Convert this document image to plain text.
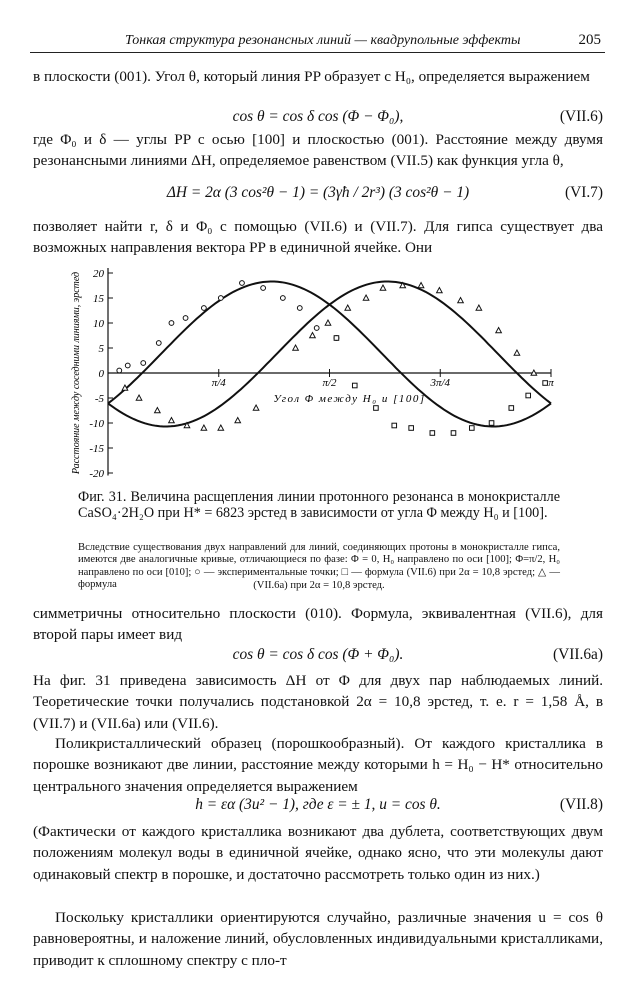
Тонкая структура резонансных линий — квадрупольные эффекты	205

в плоскости (001). Угол θ, который линия PP образует с H₀, определяется выражением

cos θ = cos δ cos (Φ − Φ₀),	(VII.6)

где Φ₀ и δ — углы PP с осью [100] и плоскостью (001). Расстояние между двумя резонансными линиями ΔH, определяемое равенством (VII.5) как функция угла θ,

ΔH = 2α (3 cos²θ − 1) = (3γħ / 2r³) (3 cos²θ − 1)	(VI.7)

позволяет найти r, δ и Φ₀ с помощью (VII.6) и (VII.7). Для гипса существует два возможных направления вектора PP в единичной ячейке. Они

20
15
10
5
0
-5
-10
-15
-20
π/4	π/2	3π/4	π
Расстояние между соседними линиями, эрстед	Угол Φ между H₀ и [100]
Фиг. 31. Величина расщепления линии протонного резонанса в монокристалле CaSO₄·2H₂O при H* = 6823 эрстед в зависимости от угла Φ между H₀ и [100].
Вследствие существования двух направлений для линий, соединяющих протоны в монокристалле гипса, имеются две аналогичные кривые, отличающиеся по фазе: Φ = 0, H₀ направлено по оси [100]; Φ=π/2, H₀ направлено по оси [010]; ○ — экспериментальные точки; □ — формула (VII.6) при 2α = 10,8 эрстед; △ — формула	(VII.6а) при 2α = 10,8 эрстед.

симметричны относительно плоскости (010). Формула, эквивалентная (VII.6), для второй пары имеет вид

cos θ = cos δ cos (Φ + Φ₀).	(VII.6а)

На фиг. 31 приведена зависимость ΔH от Φ для двух пар наблюдаемых линий. Теоретические точки получались подстановкой 2α = 10,8 эрстед, т. е. r = 1,58 Å, в (VII.7) и (VII.6а) или (VII.6).

Поликристаллический образец (порошкообразный). От каждого кристаллика в порошке возникают две линии, расстояние между которыми h = H₀ − H* относительно центрального значения определяется выражением

h = εα (3u² − 1), где ε = ± 1, u = cos θ.	(VII.8)

(Фактически от каждого кристаллика возникают два дублета, соответствующих двум положениям молекул воды в единичной ячейке, однако ясно, что эти молекулы дают одинаковый спектр в порошке, и достаточно рассмотреть только один из них.)

Поскольку кристаллики ориентируются случайно, различные значения u = cos θ равновероятны, и наложение линий, обусловленных индивидуальными кристалликами, приводит к сплошному спектру с пло-т
